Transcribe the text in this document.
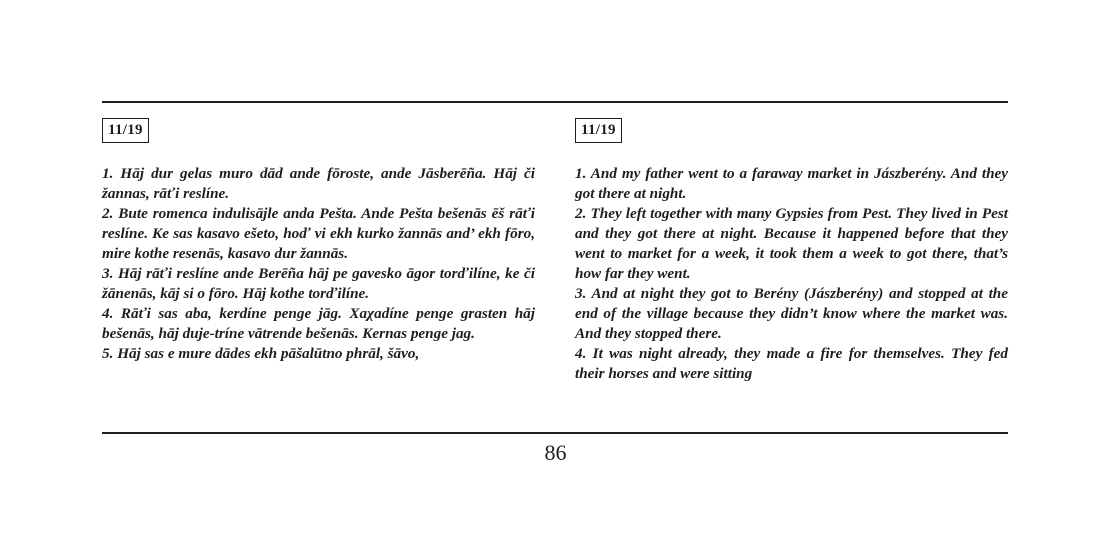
11/19

1. Hāj dur gelas muro dād ande fōroste, ande Jāsberēña. Hāj či žannas, rāťi reslíne.

2. Bute romenca indulisājle anda Pešta. Ande Pešta bešenās ēš rāťi reslíne. Ke sas kasavo ešeto, hoď vi ekh kurko žannās and’ ekh fōro, mire kothe resenās, kasavo dur žannās.

3. Hāj rāťi reslíne ande Berēña hāj pe gavesko āgor torďilíne, ke či žānenās, kāj si o fōro. Hāj kothe torďilíne.

4. Rāťi sas aba, kerdíne penge jāg. Xaχadíne penge grasten hāj bešenās, hāj duje-tríne vātrende bešenās. Kernas penge jag.

5. Hāj sas e mure dādes ekh pāšalūtno phrāl, šāvo,

11/19

1. And my father went to a faraway market in Jászberény. And they got there at night.

2. They left together with many Gypsies from Pest. They lived in Pest and they got there at night. Because it happened before that they went to market for a week, it took them a week to got there, that’s how far they went.

3. And at night they got to Berény (Jászberény) and stopped at the end of the village because they didn’t know where the market was. And they stopped there.

4. It was night already, they made a fire for themselves. They fed their horses and were sitting

86
